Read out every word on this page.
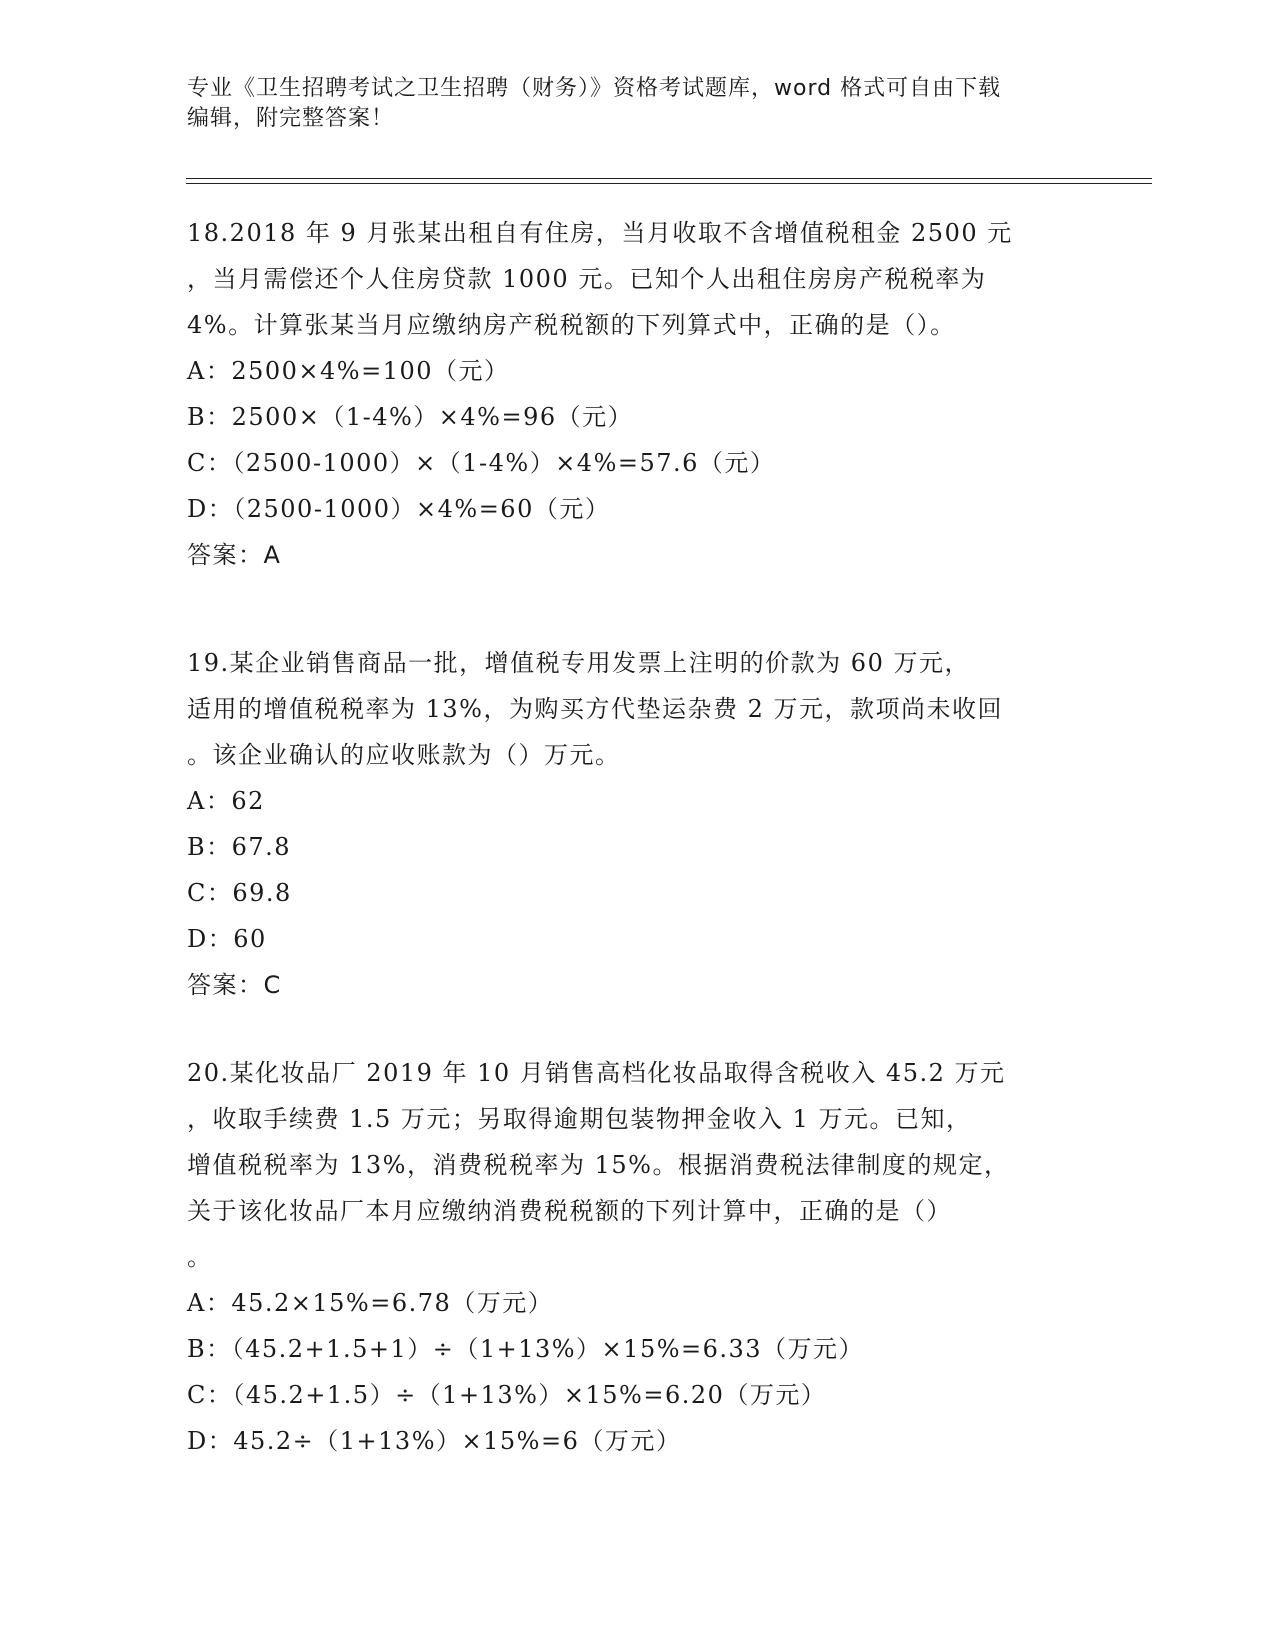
专业《卫生招聘考试之卫生招聘（财务）》资格考试题库，word 格式可自由下载
编辑，附完整答案！
18.2018 年 9 月张某出租自有住房，当月收取不含增值税租金 2500 元
，当月需偿还个人住房贷款 1000 元。已知个人出租住房房产税税率为
4%。计算张某当月应缴纳房产税税额的下列算式中，正确的是（）。
A：2500×4%=100（元）
B：2500×（1-4%）×4%=96（元）
C：（2500-1000）×（1-4%）×4%=57.6（元）
D：（2500-1000）×4%=60（元）
答案：A
19.某企业销售商品一批，增值税专用发票上注明的价款为 60 万元，
适用的增值税税率为 13%，为购买方代垫运杂费 2 万元，款项尚未收回
。该企业确认的应收账款为（）万元。
A：62
B：67.8
C：69.8
D：60
答案：C
20.某化妆品厂 2019 年 10 月销售高档化妆品取得含税收入 45.2 万元
，收取手续费 1.5 万元；另取得逾期包装物押金收入 1 万元。已知，
增值税税率为 13%，消费税税率为 15%。根据消费税法律制度的规定，
关于该化妆品厂本月应缴纳消费税税额的下列计算中，正确的是（）
。
A：45.2×15%=6.78（万元）
B：（45.2+1.5+1）÷（1+13%）×15%=6.33（万元）
C：（45.2+1.5）÷（1+13%）×15%=6.20（万元）
D：45.2÷（1+13%）×15%=6（万元）
